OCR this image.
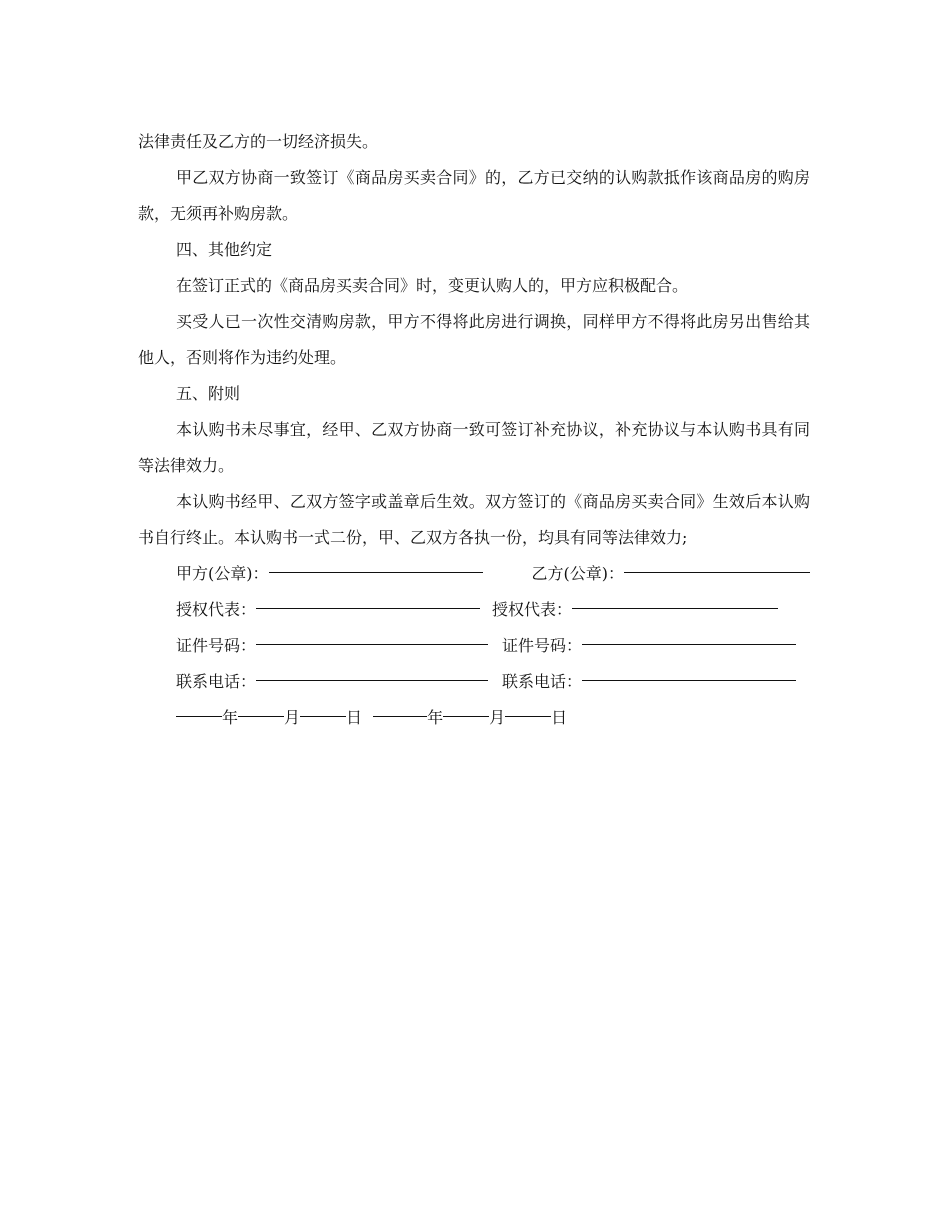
法律责任及乙方的一切经济损失。

甲乙双方协商一致签订《商品房买卖合同》的，乙方已交纳的认购款抵作该商品房的购房款，无须再补购房款。

四、其他约定

在签订正式的《商品房买卖合同》时，变更认购人的，甲方应积极配合。

买受人已一次性交清购房款，甲方不得将此房进行调换，同样甲方不得将此房另出售给其他人，否则将作为违约处理。

五、附则

本认购书未尽事宜，经甲、乙双方协商一致可签订补充协议，补充协议与本认购书具有同等法律效力。

本认购书经甲、乙双方签字或盖章后生效。双方签订的《商品房买卖合同》生效后本认购书自行终止。本认购书一式二份，甲、乙双方各执一份，均具有同等法律效力;

甲方(公章)：	乙方(公章)：
授权代表：	授权代表：
证件号码：	证件号码：
联系电话：	联系电话：
年	月	日	年	月	日
